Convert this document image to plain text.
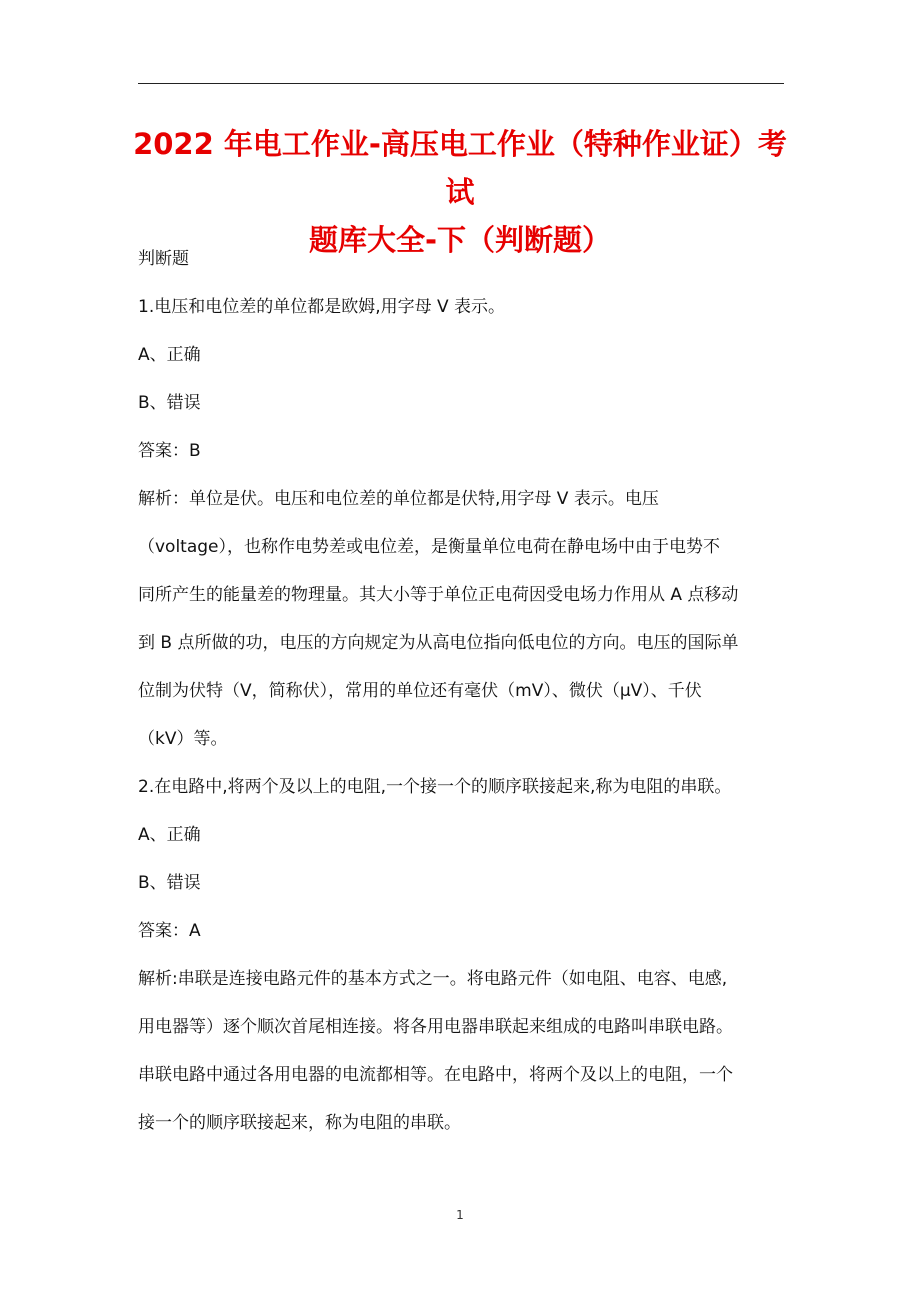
2022 年电工作业-高压电工作业（特种作业证）考试
题库大全-下（判断题）
判断题
1.电压和电位差的单位都是欧姆,用字母 V 表示。
A、正确
B、错误
答案：B
解析：单位是伏。电压和电位差的单位都是伏特,用字母 V 表示。电压
（voltage），也称作电势差或电位差，是衡量单位电荷在静电场中由于电势不
同所产生的能量差的物理量。其大小等于单位正电荷因受电场力作用从 A 点移动
到 B 点所做的功，电压的方向规定为从高电位指向低电位的方向。电压的国际单
位制为伏特（V，简称伏），常用的单位还有毫伏（mV）、微伏（μV）、千伏
（kV）等。
2.在电路中,将两个及以上的电阻,一个接一个的顺序联接起来,称为电阻的串联。
A、正确
B、错误
答案：A
解析:串联是连接电路元件的基本方式之一。将电路元件（如电阻、电容、电感,
用电器等）逐个顺次首尾相连接。将各用电器串联起来组成的电路叫串联电路。
串联电路中通过各用电器的电流都相等。在电路中，将两个及以上的电阻，一个
接一个的顺序联接起来，称为电阻的串联。
1
